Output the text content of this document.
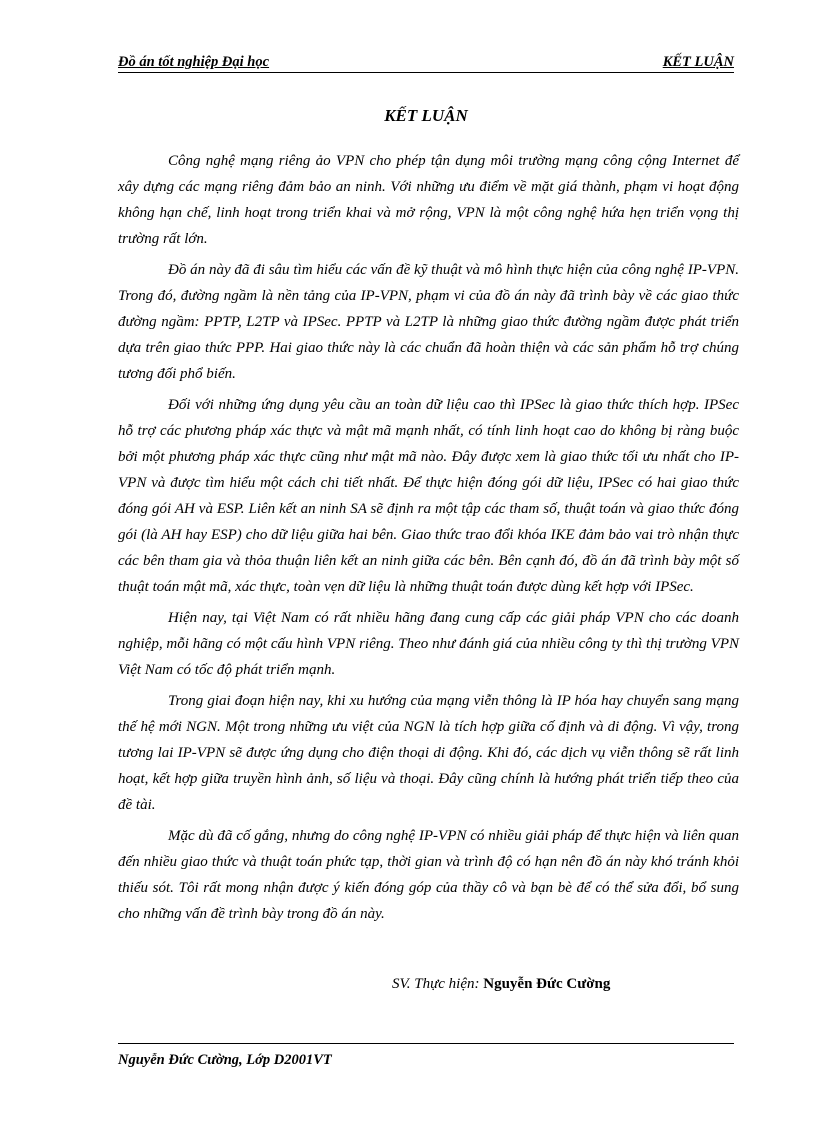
Đồ án tốt nghiệp Đại học	KẾT LUẬN
KẾT LUẬN

Công nghệ mạng riêng ảo VPN cho phép tận dụng môi trường mạng công cộng Internet để xây dựng các mạng riêng đảm bảo an ninh. Với những ưu điểm về mặt giá thành, phạm vi hoạt động không hạn chế, linh hoạt trong triển khai và mở rộng, VPN là một công nghệ hứa hẹn triển vọng thị trường rất lớn.

Đồ án này đã đi sâu tìm hiểu các vấn đề kỹ thuật và mô hình thực hiện của công nghệ IP-VPN. Trong đó, đường ngầm là nền tảng của IP-VPN, phạm vi của đồ án này đã trình bày về các giao thức đường ngầm: PPTP, L2TP và IPSec. PPTP và L2TP là những giao thức đường ngầm được phát triển dựa trên giao thức PPP. Hai giao thức này là các chuẩn đã hoàn thiện và các sản phẩm hỗ trợ chúng tương đối phổ biến.

Đối với những ứng dụng yêu cầu an toàn dữ liệu cao thì IPSec là giao thức thích hợp. IPSec hỗ trợ các phương pháp xác thực và mật mã mạnh nhất, có tính linh hoạt cao do không bị ràng buộc bởi một phương pháp xác thực cũng như mật mã nào. Đây được xem là giao thức tối ưu nhất cho IP-VPN và được tìm hiểu một cách chi tiết nhất. Để thực hiện đóng gói dữ liệu, IPSec có hai giao thức đóng gói AH và ESP. Liên kết an ninh SA sẽ định ra một tập các tham số, thuật toán và giao thức đóng gói (là AH hay ESP) cho dữ liệu giữa hai bên. Giao thức trao đổi khóa IKE đảm bảo vai trò nhận thực các bên tham gia và thỏa thuận liên kết an ninh giữa các bên. Bên cạnh đó, đồ án đã trình bày một số thuật toán mật mã, xác thực, toàn vẹn dữ liệu là những thuật toán được dùng kết hợp với IPSec.

Hiện nay, tại Việt Nam có rất nhiều hãng đang cung cấp các giải pháp VPN cho các doanh nghiệp, mỗi hãng có một cấu hình VPN riêng. Theo như đánh giá của nhiều công ty thì thị trường VPN Việt Nam có tốc độ phát triển mạnh.

Trong giai đoạn hiện nay, khi xu hướng của mạng viễn thông là IP hóa hay chuyển sang mạng thế hệ mới NGN. Một trong những ưu việt của NGN là tích hợp giữa cố định và di động. Vì vậy, trong tương lai IP-VPN sẽ được ứng dụng cho điện thoại di động. Khi đó, các dịch vụ viễn thông sẽ rất linh hoạt, kết hợp giữa truyền hình ảnh, số liệu và thoại. Đây cũng chính là hướng phát triển tiếp theo của đề tài.

Mặc dù đã cố gắng, nhưng do công nghệ IP-VPN có nhiều giải pháp để thực hiện và liên quan đến nhiều giao thức và thuật toán phức tạp, thời gian và trình độ có hạn nên đồ án này khó tránh khỏi thiếu sót. Tôi rất mong nhận được ý kiến đóng góp của thầy cô và bạn bè để có thể sửa đổi, bổ sung cho những vấn đề trình bày trong đồ án này.

SV. Thực hiện: Nguyễn Đức Cường
Nguyễn Đức Cường, Lớp D2001VT
